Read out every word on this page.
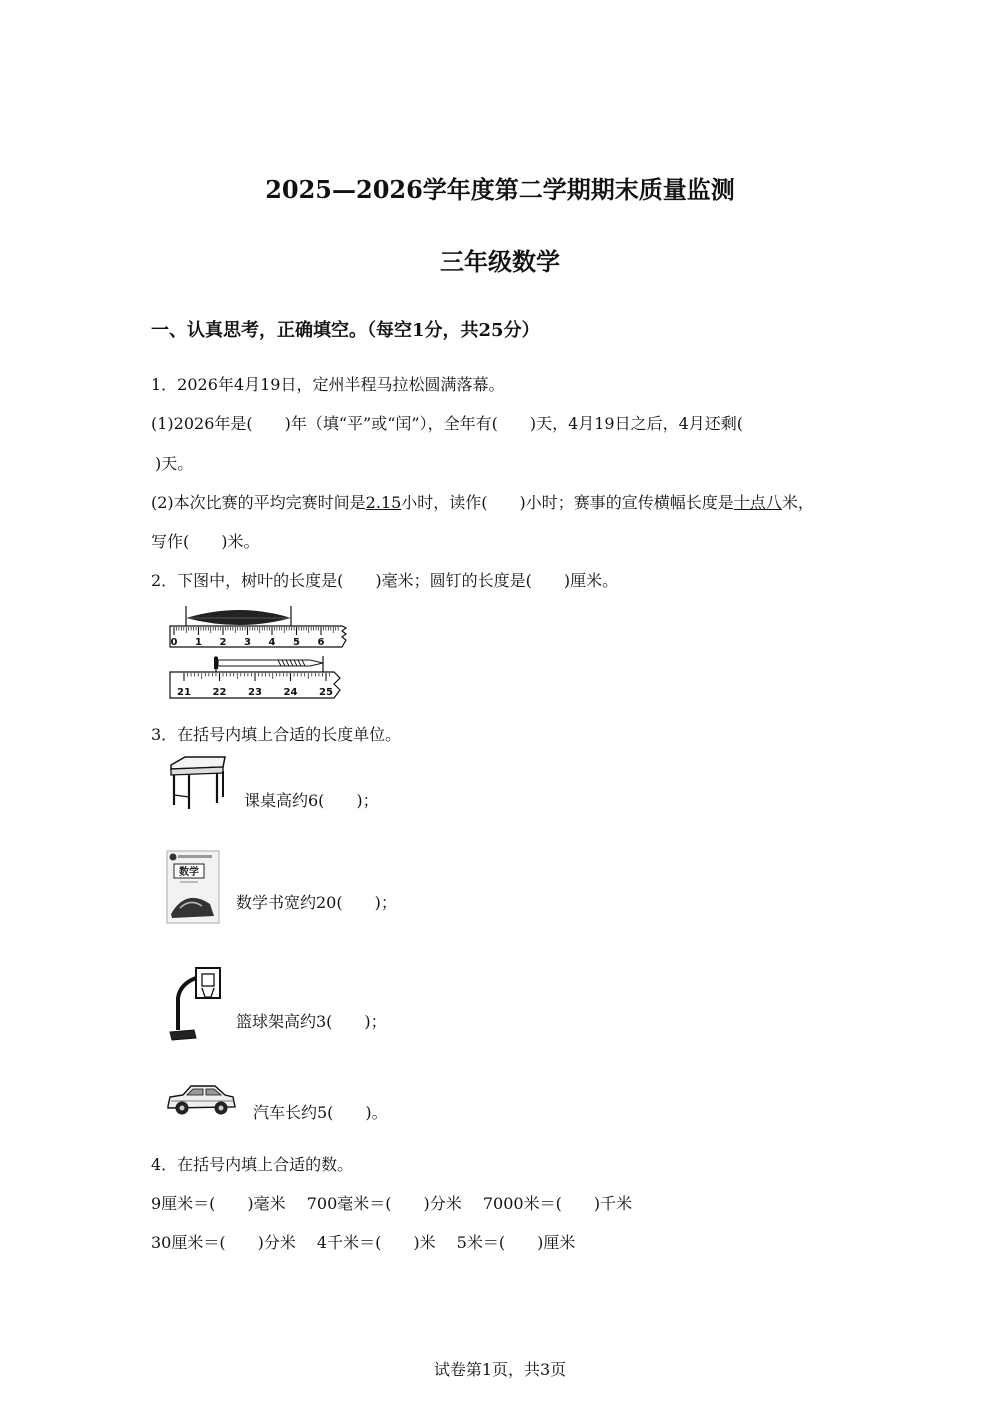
2025—2026学年度第二学期期末质量监测
三年级数学
一、认真思考，正确填空。（每空1分，共25分）
1．2026年4月19日，定州半程马拉松圆满落幕。
(1)2026年是(　　)年（填“平”或“闰”），全年有(　　)天，4月19日之后，4月还剩(
)天。
(2)本次比赛的平均完赛时间是2.15小时，读作(　　)小时；赛事的宣传横幅长度是十点八米，
写作(　　)米。
2．下图中，树叶的长度是(　　)毫米；圆钉的长度是(　　)厘米。
0 1 2 3 4 5 6
21 22 23 24 25
3．在括号内填上合适的长度单位。
课桌高约6(　　)；
数学
数学书宽约20(　　)；
篮球架高约3(　　)；
汽车长约5(　　)。
4．在括号内填上合适的数。
9厘米＝(　　)毫米　 700毫米＝(　　)分米　 7000米＝(　　)千米
30厘米＝(　　)分米　 4千米＝(　　)米　 5米＝(　　)厘米
试卷第1页，共3页
